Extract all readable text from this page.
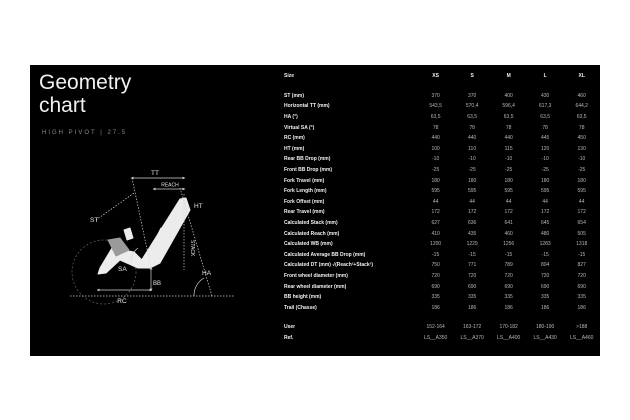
Geometry
chart
HIGH PIVOT | 27.5
TT
REACH
HT
ST
SA
STACK
HA
BB
RC
Size	XS	S	M	L	XL

ST (mm)	370	370	400	430	460
Horizontal TT (mm)	543,5	570,4	596,4	617,3	644,2
HA (°)	63,5	63,5	63,5	63,5	63,5
Virtual SA (°)	78	78	78	78	78
RC (mm)	440	440	440	445	450
HT (mm)	100	110	115	120	130
Rear BB Drop (mm)	-10	-10	-10	-10	-10
Front BB Drop (mm)	-25	-25	-25	-25	-25
Fork Travel (mm)	180	180	180	180	180
Fork Length (mm)	595	595	595	595	595
Fork Offset (mm)	44	44	44	44	44
Rear Travel (mm)	172	172	172	172	172
Calculated Stack (mm)	627	636	641	645	654
Calculated Reach (mm)	410	435	460	480	505
Calculated WB (mm)	1200	1229	1256	1283	1318
Calculated Average BB Drop (mm)	-15	-15	-15	-15	-15
Calculated DT (mm) √(Reach²+Stack²)	750	771	789	804	827
Front wheel diameter (mm)	720	720	720	720	720
Rear wheel diameter (mm)	690	690	690	690	690
BB height (mm)	335	335	335	335	335
Trail (Chasse)	186	186	186	186	186

User	152-164	163-172	170-182	180-190	>188
Ref.	LS__A350	LS__A370	LS__A400	LS__A430	LS__A460
